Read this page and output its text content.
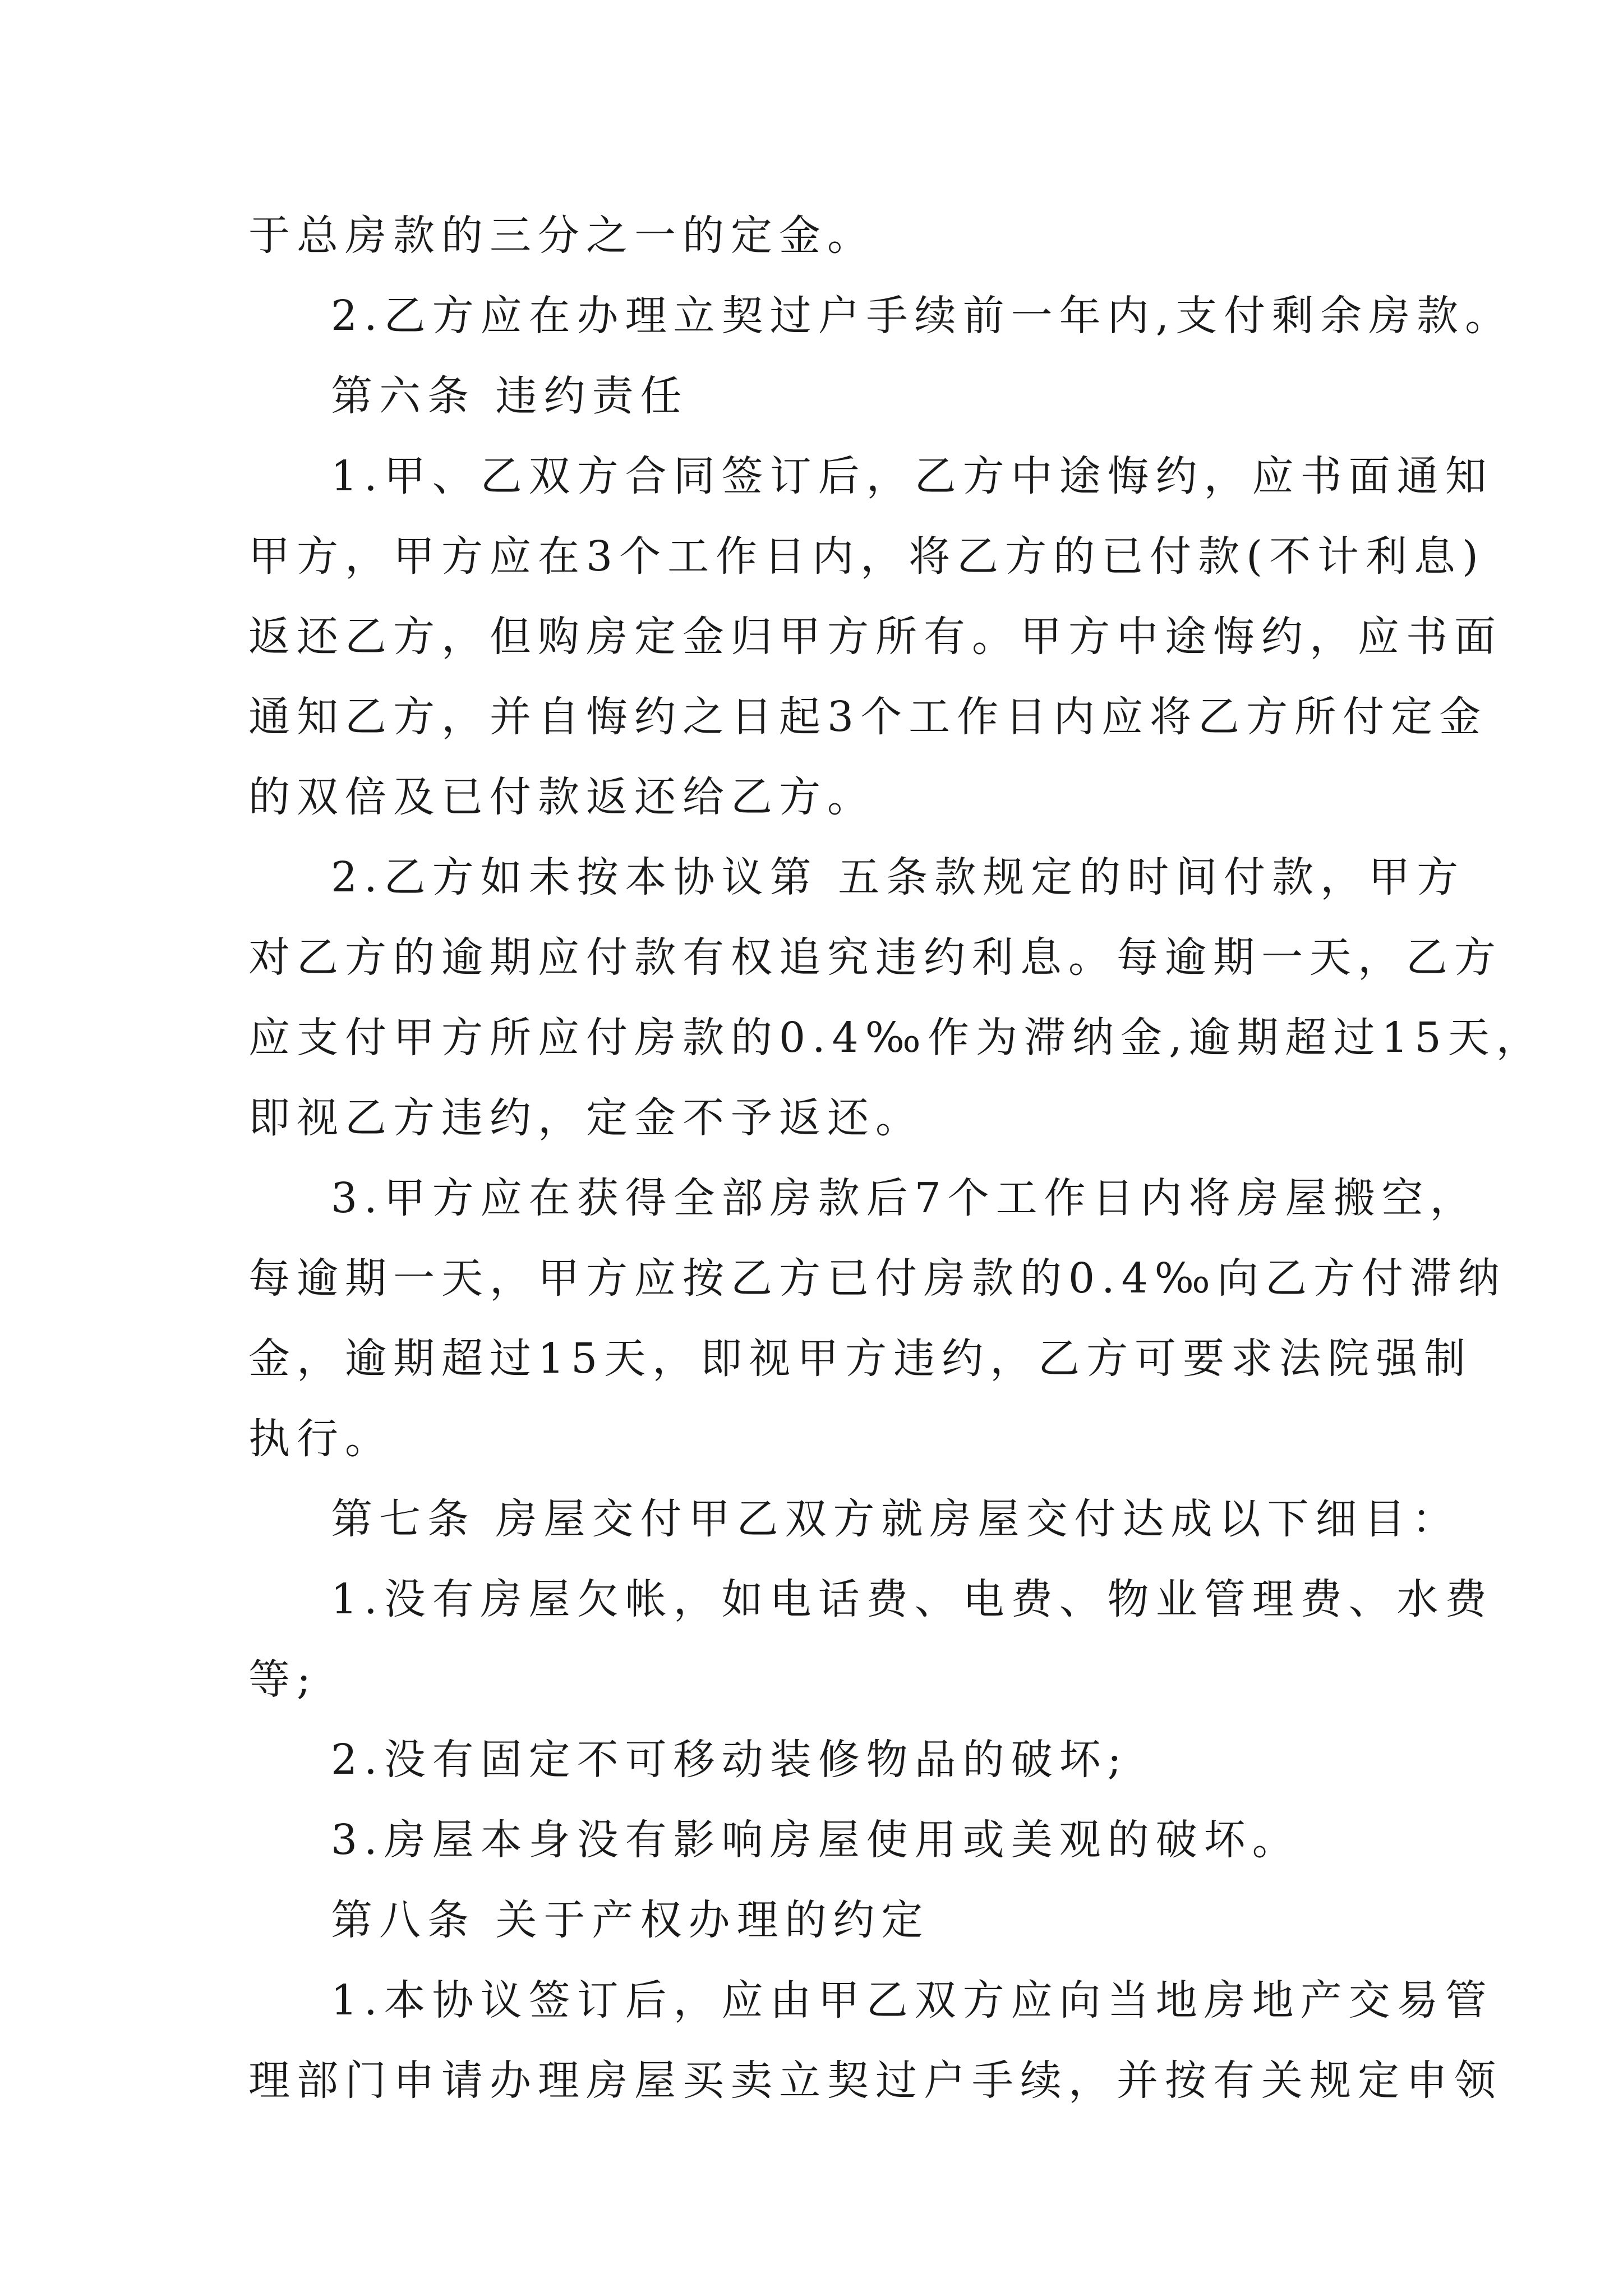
于总房款的三分之一的定金。
2.乙方应在办理立契过户手续前一年内,支付剩余房款。
第六条 违约责任
1.甲、乙双方合同签订后，乙方中途悔约，应书面通知
甲方，甲方应在3个工作日内，将乙方的已付款(不计利息)
返还乙方，但购房定金归甲方所有。甲方中途悔约，应书面
通知乙方，并自悔约之日起3个工作日内应将乙方所付定金
的双倍及已付款返还给乙方。
2.乙方如未按本协议第 五条款规定的时间付款，甲方
对乙方的逾期应付款有权追究违约利息。每逾期一天，乙方
应支付甲方所应付房款的0.4‰作为滞纳金,逾期超过15天，
即视乙方违约，定金不予返还。
3.甲方应在获得全部房款后7个工作日内将房屋搬空，
每逾期一天，甲方应按乙方已付房款的0.4‰向乙方付滞纳
金，逾期超过15天，即视甲方违约，乙方可要求法院强制
执行。
第七条 房屋交付甲乙双方就房屋交付达成以下细目：
1.没有房屋欠帐，如电话费、电费、物业管理费、水费
等;
2.没有固定不可移动装修物品的破坏;
3.房屋本身没有影响房屋使用或美观的破坏。
第八条 关于产权办理的约定
1.本协议签订后，应由甲乙双方应向当地房地产交易管
理部门申请办理房屋买卖立契过户手续，并按有关规定申领
